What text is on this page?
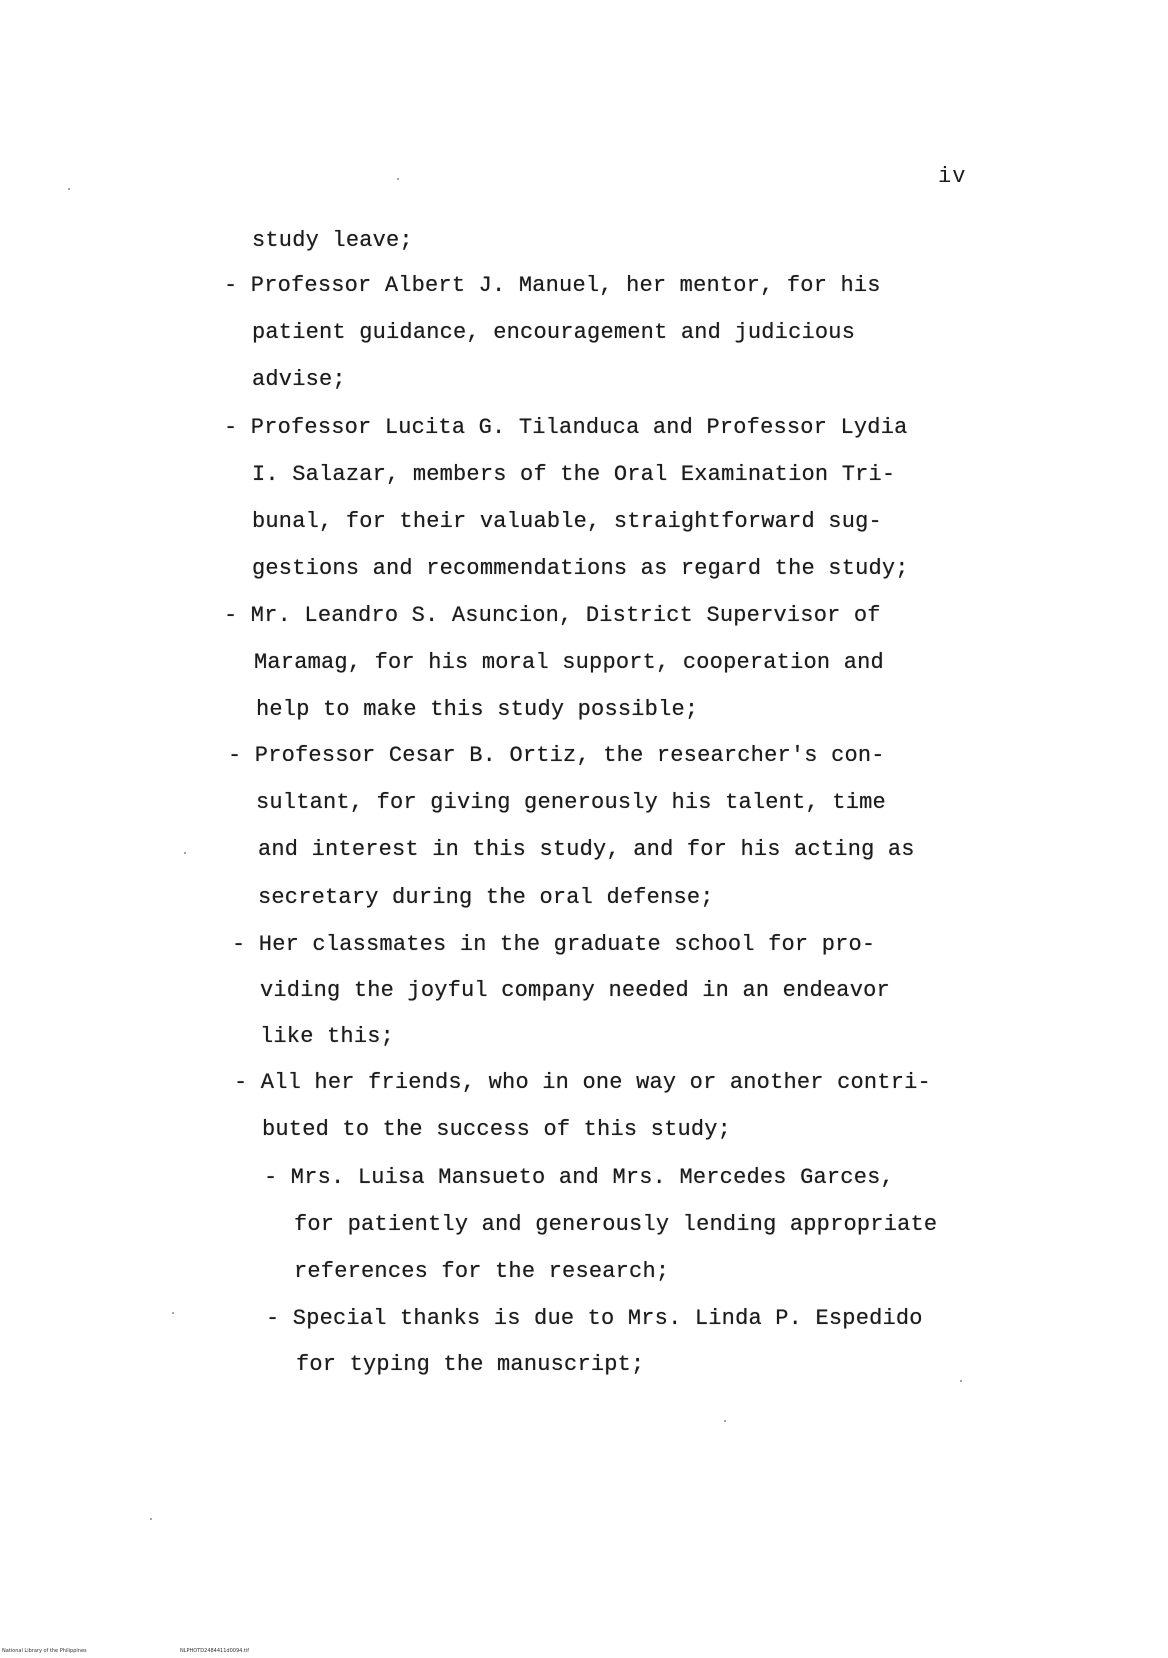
iv
study leave;
- Professor Albert J. Manuel, her mentor, for his
patient guidance, encouragement and judicious
advise;
- Professor Lucita G. Tilanduca and Professor Lydia
I. Salazar, members of the Oral Examination Tri-
bunal, for their valuable, straightforward sug-
gestions and recommendations as regard the study;
- Mr. Leandro S. Asuncion, District Supervisor of
Maramag, for his moral support, cooperation and
help to make this study possible;
- Professor Cesar B. Ortiz, the researcher's con-
sultant, for giving generously his talent, time
and interest in this study, and for his acting as
secretary during the oral defense;
- Her classmates in the graduate school for pro-
viding the joyful company needed in an endeavor
like this;
- All her friends, who in one way or another contri-
buted to the success of this study;
- Mrs. Luisa Mansueto and Mrs. Mercedes Garces,
for patiently and generously lending appropriate
references for the research;
- Special thanks is due to Mrs. Linda P. Espedido
for typing the manuscript;
National Library of the Philippines	NLPHOTD2484411d0094.tif
